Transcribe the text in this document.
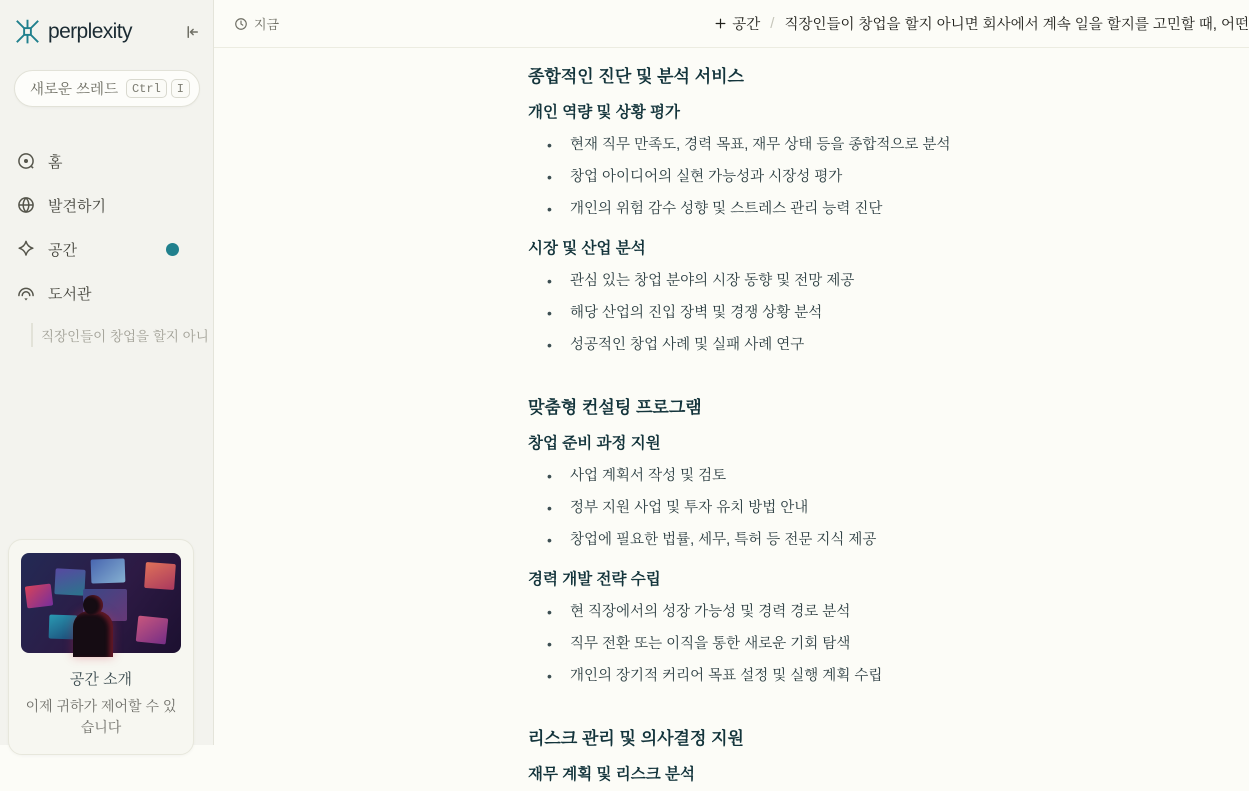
perplexity
새로운 쓰레드	Ctrl	I
홈
발견하기
공간
도서관
직장인들이 창업을 할지 아니
공간 소개
이제 귀하가 제어할 수 있습니다
지금	공간 / 직장인들이 창업을 할지 아니면 회사에서 계속 일을 할지를 고민할 때, 어떤
종합적인 진단 및 분석 서비스
개인 역량 및 상황 평가
• 현재 직무 만족도, 경력 목표, 재무 상태 등을 종합적으로 분석
• 창업 아이디어의 실현 가능성과 시장성 평가
• 개인의 위험 감수 성향 및 스트레스 관리 능력 진단
시장 및 산업 분석
• 관심 있는 창업 분야의 시장 동향 및 전망 제공
• 해당 산업의 진입 장벽 및 경쟁 상황 분석
• 성공적인 창업 사례 및 실패 사례 연구
맞춤형 컨설팅 프로그램
창업 준비 과정 지원
• 사업 계획서 작성 및 검토
• 정부 지원 사업 및 투자 유치 방법 안내
• 창업에 필요한 법률, 세무, 특허 등 전문 지식 제공
경력 개발 전략 수립
• 현 직장에서의 성장 가능성 및 경력 경로 분석
• 직무 전환 또는 이직을 통한 새로운 기회 탐색
• 개인의 장기적 커리어 목표 설정 및 실행 계획 수립
리스크 관리 및 의사결정 지원
재무 계획 및 리스크 분석
